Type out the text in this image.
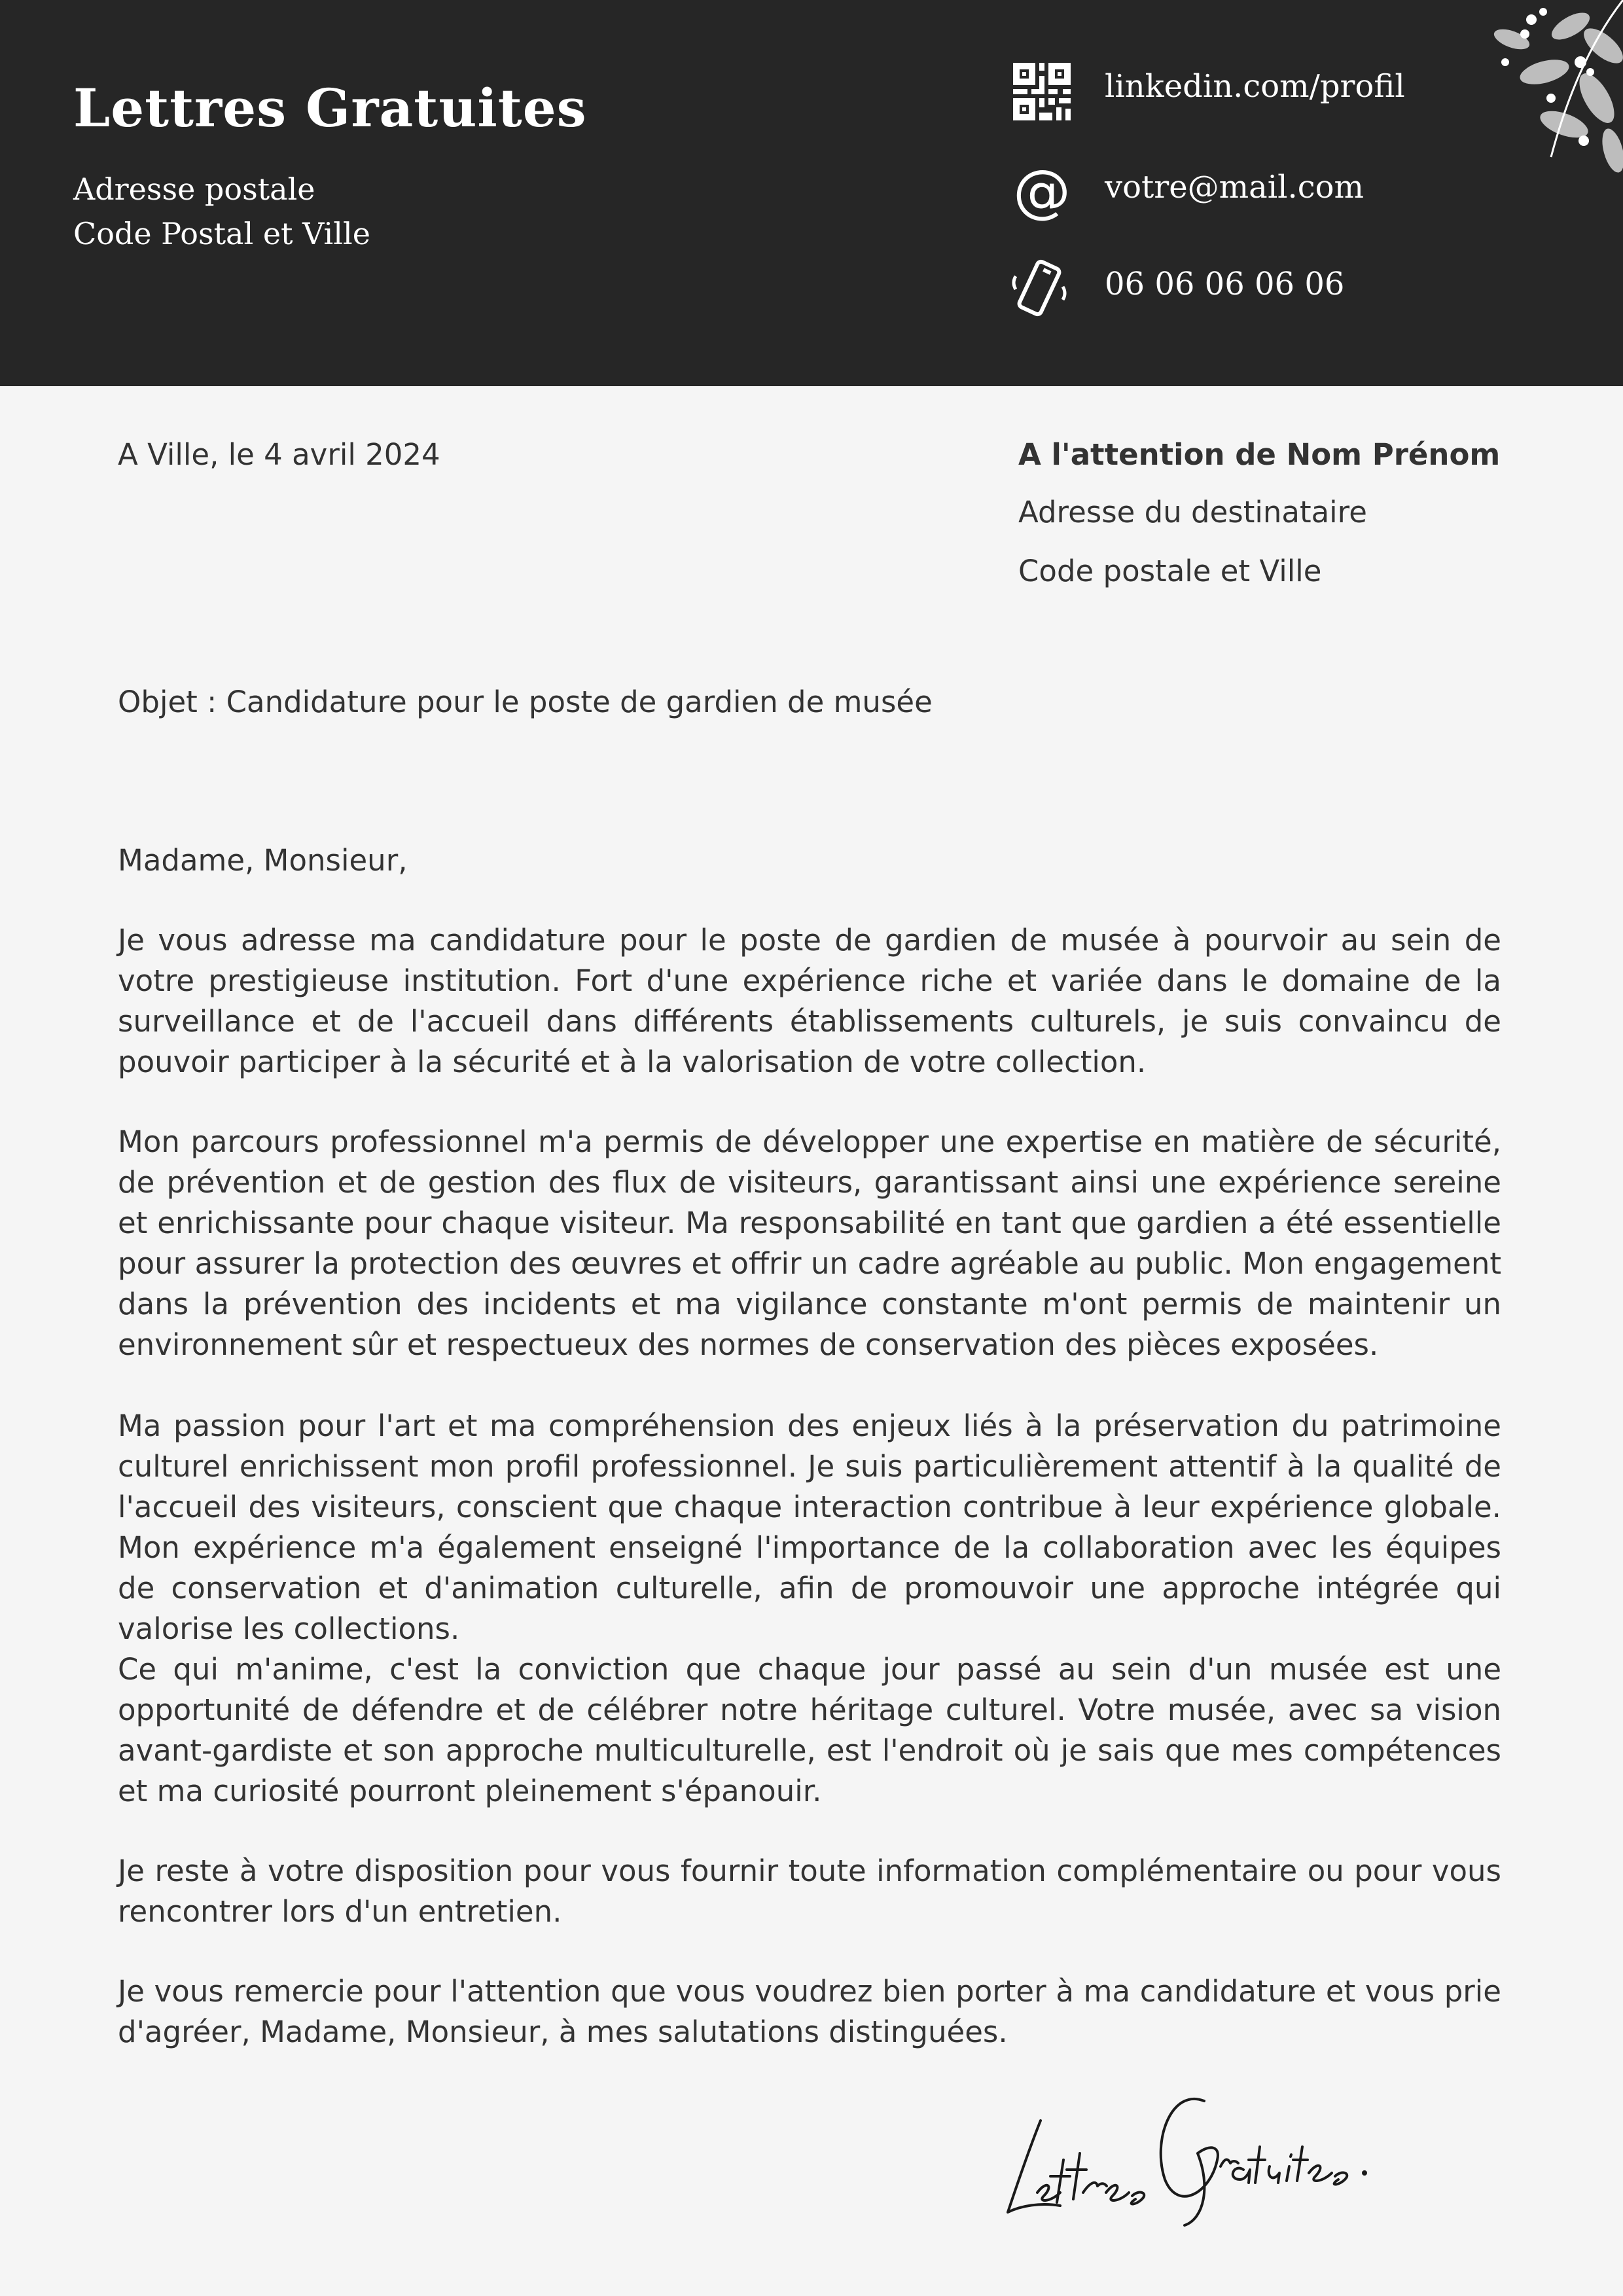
Lettres Gratuites
Adresse postale
Code Postal et Ville
linkedin.com/profil
@ votre@mail.com
06 06 06 06 06
A Ville, le 4 avril 2024	A l'attention de Nom Prénom
Adresse du destinataire
Code postale et Ville
Objet : Candidature pour le poste de gardien de musée
Madame, Monsieur,

Je vous adresse ma candidature pour le poste de gardien de musée à pourvoir au sein de votre prestigieuse institution. Fort d'une expérience riche et variée dans le domaine de la surveillance et de l'accueil dans différents établissements culturels, je suis convaincu de pouvoir participer à la sécurité et à la valorisation de votre collection.

Mon parcours professionnel m'a permis de développer une expertise en matière de sécurité, de prévention et de gestion des flux de visiteurs, garantissant ainsi une expérience sereine et enrichissante pour chaque visiteur. Ma responsabilité en tant que gardien a été essentielle pour assurer la protection des œuvres et offrir un cadre agréable au public. Mon engagement dans la prévention des incidents et ma vigilance constante m'ont permis de maintenir un environnement sûr et respectueux des normes de conservation des pièces exposées.

Ma passion pour l'art et ma compréhension des enjeux liés à la préservation du patrimoine culturel enrichissent mon profil professionnel. Je suis particulièrement attentif à la qualité de l'accueil des visiteurs, conscient que chaque interaction contribue à leur expérience globale. Mon expérience m'a également enseigné l'importance de la collaboration avec les équipes de conservation et d'animation culturelle, afin de promouvoir une approche intégrée qui valorise les collections.

Ce qui m'anime, c'est la conviction que chaque jour passé au sein d'un musée est une opportunité de défendre et de célébrer notre héritage culturel. Votre musée, avec sa vision avant-gardiste et son approche multiculturelle, est l'endroit où je sais que mes compétences et ma curiosité pourront pleinement s'épanouir.

Je reste à votre disposition pour vous fournir toute information complémentaire ou pour vous rencontrer lors d'un entretien.

Je vous remercie pour l'attention que vous voudrez bien porter à ma candidature et vous prie d'agréer, Madame, Monsieur, à mes salutations distinguées.
